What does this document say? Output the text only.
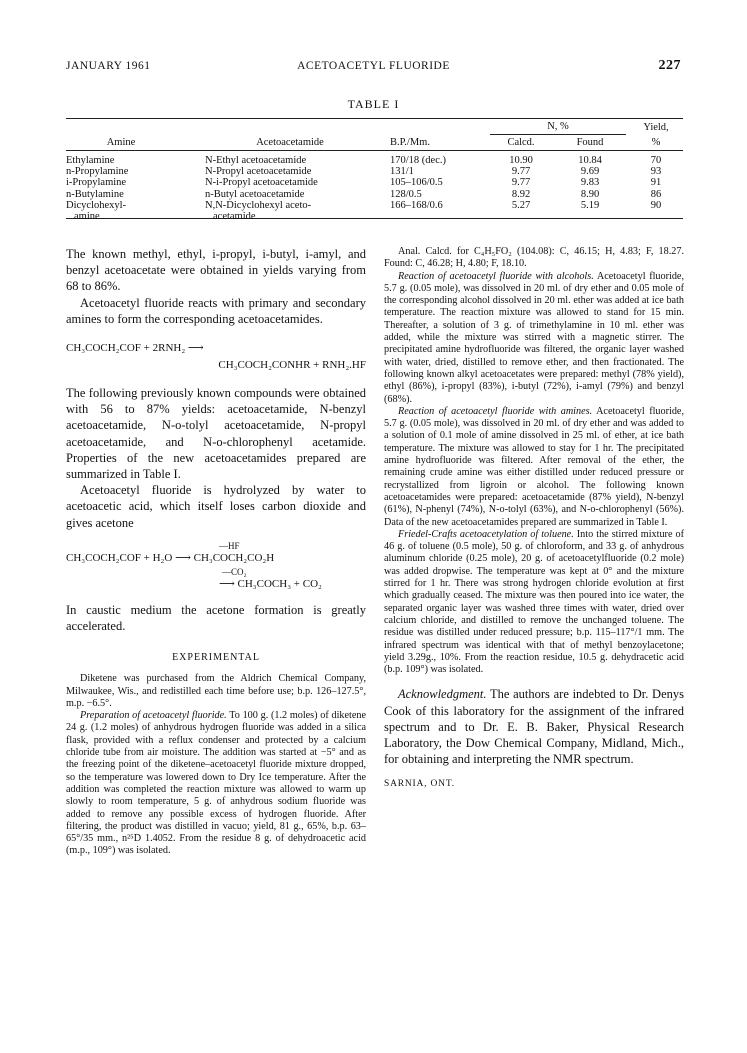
JANUARY 1961	ACETOACETYL FLUORIDE	227
TABLE I
N, %	Yield,
Amine	Acetoacetamide	B.P./Mm.	Calcd.	Found	%
Ethylamine	N-Ethyl acetoacetamide	170/18 (dec.)	10.90	10.84	70
n-Propylamine	N-Propyl acetoacetamide	131/1	9.77	9.69	93
i-Propylamine	N-i-Propyl acetoacetamide	105–106/0.5	9.77	9.83	91
n-Butylamine	n-Butyl acetoacetamide	128/0.5	8.92	8.90	86
Dicyclohexyl-	N,N-Dicyclohexyl aceto-	166–168/0.6	5.27	5.19	90
amine	acetamide

The known methyl, ethyl, i-propyl, i-butyl, i-amyl, and benzyl acetoacetate were obtained in yields varying from 68 to 86%.

Acetoacetyl fluoride reacts with primary and secondary amines to form the corresponding acetoacetamides.

CH₃COCH₂COF + 2RNH₂ ⟶
CH₃COCH₂CONHR + RNH₂.HF

The following previously known compounds were obtained with 56 to 87% yields: acetoacetamide, N-benzyl acetoacetamide, N-o-tolyl acetoacetamide, N-propyl acetoacetamide, and N-o-chlorophenyl acetamide. Properties of the new acetoacetamides prepared are summarized in Table I.

Acetoacetyl fluoride is hydrolyzed by water to acetoacetic acid, which itself loses carbon dioxide and gives acetone

—HF
CH₃COCH₂COF + H₂O ⟶ CH₃COCH₂CO₂H
—CO₂
⟶ CH₃COCH₃ + CO₂

In caustic medium the acetone formation is greatly accelerated.

EXPERIMENTAL

Diketene was purchased from the Aldrich Chemical Company, Milwaukee, Wis., and redistilled each time before use; b.p. 126–127.5°, m.p. −6.5°.

Preparation of acetoacetyl fluoride. To 100 g. (1.2 moles) of diketene 24 g. (1.2 moles) of anhydrous hydrogen fluoride was added in a silica flask, provided with a reflux condenser and protected by a calcium chloride tube from air moisture. The addition was started at −5° and as the freezing point of the diketene–acetoacetyl fluoride mixture dropped, so the temperature was lowered down to Dry Ice temperature. After the addition was completed the reaction mixture was allowed to warm up slowly to room temperature, 5 g. of anhydrous sodium fluoride was added to remove any possible excess of hydrogen fluoride. After filtering, the product was distilled in vacuo; yield, 81 g., 65%, b.p. 63–65°/35 mm., n²⁵D 1.4052. From the residue 8 g. of dehydroacetic acid (m.p., 109°) was isolated.

Anal. Calcd. for C₄H₅FO₂ (104.08): C, 46.15; H, 4.83; F, 18.27. Found: C, 46.28; H, 4.80; F, 18.10.

Reaction of acetoacetyl fluoride with alcohols. Acetoacetyl fluoride, 5.7 g. (0.05 mole), was dissolved in 20 ml. of dry ether and 0.05 mole of the corresponding alcohol dissolved in 20 ml. ether was added at ice bath temperature. The reaction mixture was allowed to stand for 15 min. Thereafter, a solution of 3 g. of trimethylamine in 10 ml. ether was added, while the mixture was stirred with a magnetic stirrer. The precipitated amine hydrofluoride was filtered, the organic layer washed with water, dried, distilled to remove ether, and then fractionated. The following known alkyl acetoacetates were prepared: methyl (78% yield), ethyl (86%), i-propyl (83%), i-butyl (72%), i-amyl (79%) and benzyl (68%).

Reaction of acetoacetyl fluoride with amines. Acetoacetyl fluoride, 5.7 g. (0.05 mole), was dissolved in 20 ml. of dry ether and was added to a solution of 0.1 mole of amine dissolved in 25 ml. of ether, at ice bath temperature. The mixture was allowed to stay for 1 hr. The precipitated amine hydrofluoride was filtered. After removal of the ether, the remaining crude amine was either distilled under reduced pressure or recrystallized from ligroin or alcohol. The following known acetoacetamides were prepared: acetoacetamide (87% yield), N-benzyl (61%), N-phenyl (74%), N-o-tolyl (63%), and N-o-chlorophenyl (56%). Data of the new acetoacetamides prepared are summarized in Table I.

Friedel-Crafts acetoacetylation of toluene. Into the stirred mixture of 46 g. of toluene (0.5 mole), 50 g. of chloroform, and 33 g. of anhydrous aluminum chloride (0.25 mole), 20 g. of acetoacetylfluoride (0.2 mole) was added dropwise. The temperature was kept at 0° and the mixture stirred for 1 hr. There was strong hydrogen chloride evolution at first which gradually ceased. The mixture was then poured into ice water, the separated organic layer was washed three times with water, dried over calcium chloride, and distilled to remove the unchanged toluene. The residue was distilled under reduced pressure; b.p. 115–117°/1 mm. The infrared spectrum was identical with that of methyl benzoylacetone; yield 3.29g., 10%. From the reaction residue, 10.5 g. dehydracetic acid (b.p. 109°) was isolated.

Acknowledgment. The authors are indebted to Dr. Denys Cook of this laboratory for the assignment of the infrared spectrum and to Dr. E. B. Baker, Physical Research Laboratory, the Dow Chemical Company, Midland, Mich., for obtaining and interpreting the NMR spectrum.

SARNIA, ONT.
